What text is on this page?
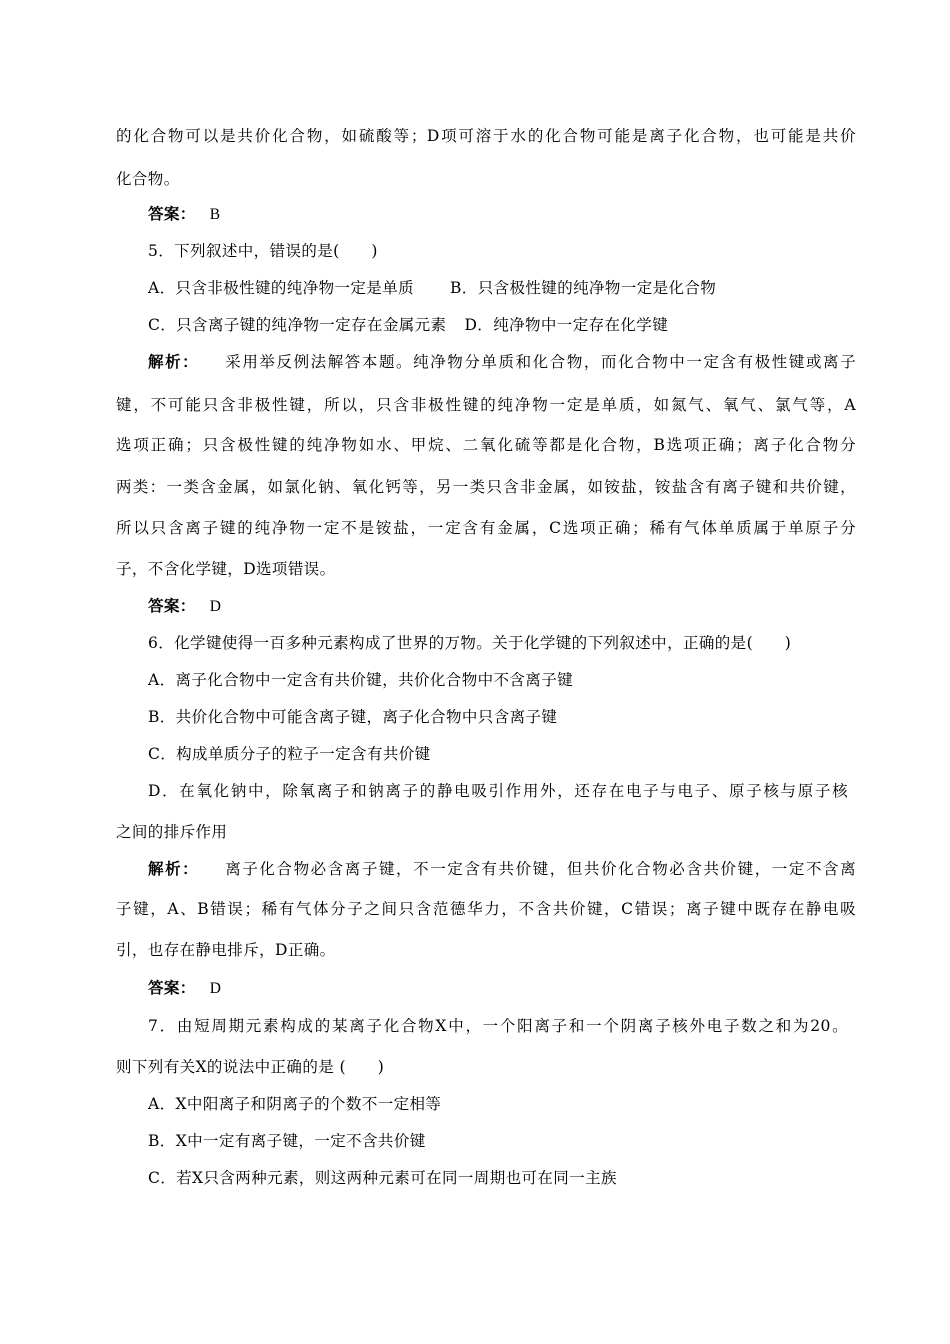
的化合物可以是共价化合物，如硫酸等；D项可溶于水的化合物可能是离子化合物，也可能是共价
化合物。
答案： B
5．下列叙述中，错误的是(　　)
A．只含非极性键的纯净物一定是单质 B．只含极性键的纯净物一定是化合物
C．只含离子键的纯净物一定存在金属元素 D．纯净物中一定存在化学键
解析： 采用举反例法解答本题。纯净物分单质和化合物，而化合物中一定含有极性键或离子
键，不可能只含非极性键，所以，只含非极性键的纯净物一定是单质，如氮气、氧气、氯气等，A
选项正确；只含极性键的纯净物如水、甲烷、二氧化硫等都是化合物，B选项正确；离子化合物分
两类：一类含金属，如氯化钠、氧化钙等，另一类只含非金属，如铵盐，铵盐含有离子键和共价键，
所以只含离子键的纯净物一定不是铵盐，一定含有金属，C选项正确；稀有气体单质属于单原子分
子，不含化学键，D选项错误。
答案： D
6．化学键使得一百多种元素构成了世界的万物。关于化学键的下列叙述中，正确的是(　　)
A．离子化合物中一定含有共价键，共价化合物中不含离子键
B．共价化合物中可能含离子键，离子化合物中只含离子键
C．构成单质分子的粒子一定含有共价键
D．在氧化钠中，除氧离子和钠离子的静电吸引作用外，还存在电子与电子、原子核与原子核
之间的排斥作用
解析： 离子化合物必含离子键，不一定含有共价键，但共价化合物必含共价键，一定不含离
子键，A、B错误；稀有气体分子之间只含范德华力，不含共价键，C错误；离子键中既存在静电吸
引，也存在静电排斥，D正确。
答案： D
7．由短周期元素构成的某离子化合物X中，一个阳离子和一个阴离子核外电子数之和为20。
则下列有关X的说法中正确的是 (　　)
A．X中阳离子和阴离子的个数不一定相等
B．X中一定有离子键，一定不含共价键
C．若X只含两种元素，则这两种元素可在同一周期也可在同一主族
